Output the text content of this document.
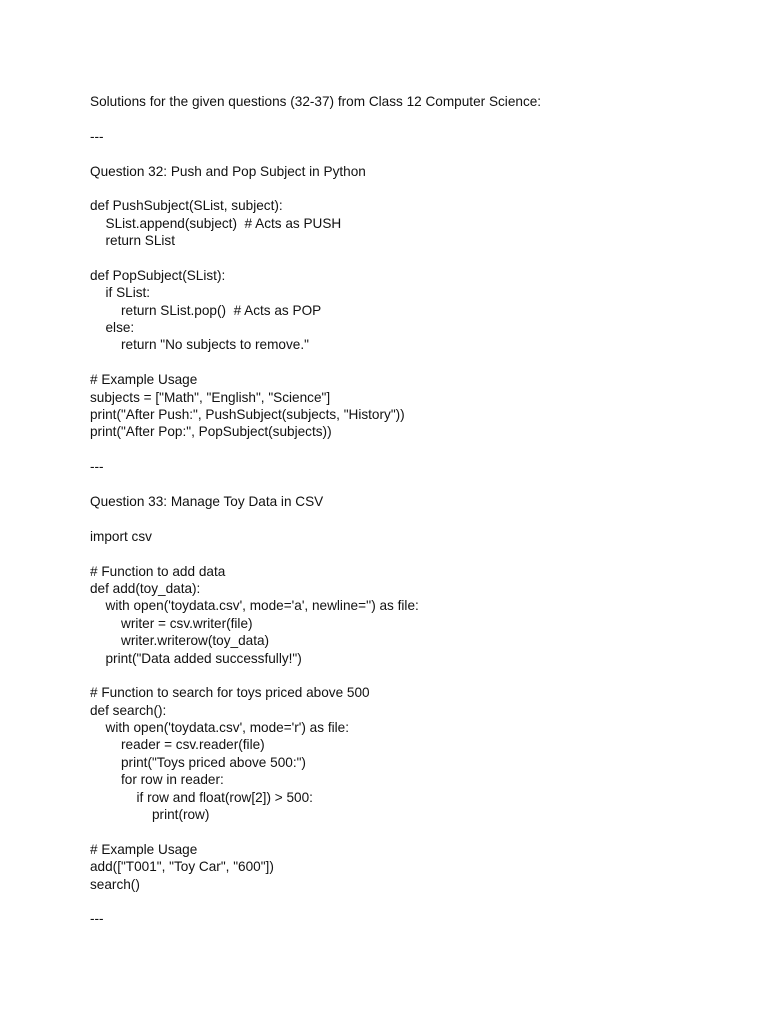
Solutions for the given questions (32-37) from Class 12 Computer Science:
---
Question 32: Push and Pop Subject in Python
def PushSubject(SList, subject):
SList.append(subject)  # Acts as PUSH
return SList
def PopSubject(SList):
if SList:
return SList.pop()  # Acts as POP
else:
return "No subjects to remove."
# Example Usage
subjects = ["Math", "English", "Science"]
print("After Push:", PushSubject(subjects, "History"))
print("After Pop:", PopSubject(subjects))
---
Question 33: Manage Toy Data in CSV
import csv
# Function to add data
def add(toy_data):
with open('toydata.csv', mode='a', newline='') as file:
writer = csv.writer(file)
writer.writerow(toy_data)
print("Data added successfully!")
# Function to search for toys priced above 500
def search():
with open('toydata.csv', mode='r') as file:
reader = csv.reader(file)
print("Toys priced above 500:")
for row in reader:
if row and float(row[2]) > 500:
print(row)
# Example Usage
add(["T001", "Toy Car", "600"])
search()
---
